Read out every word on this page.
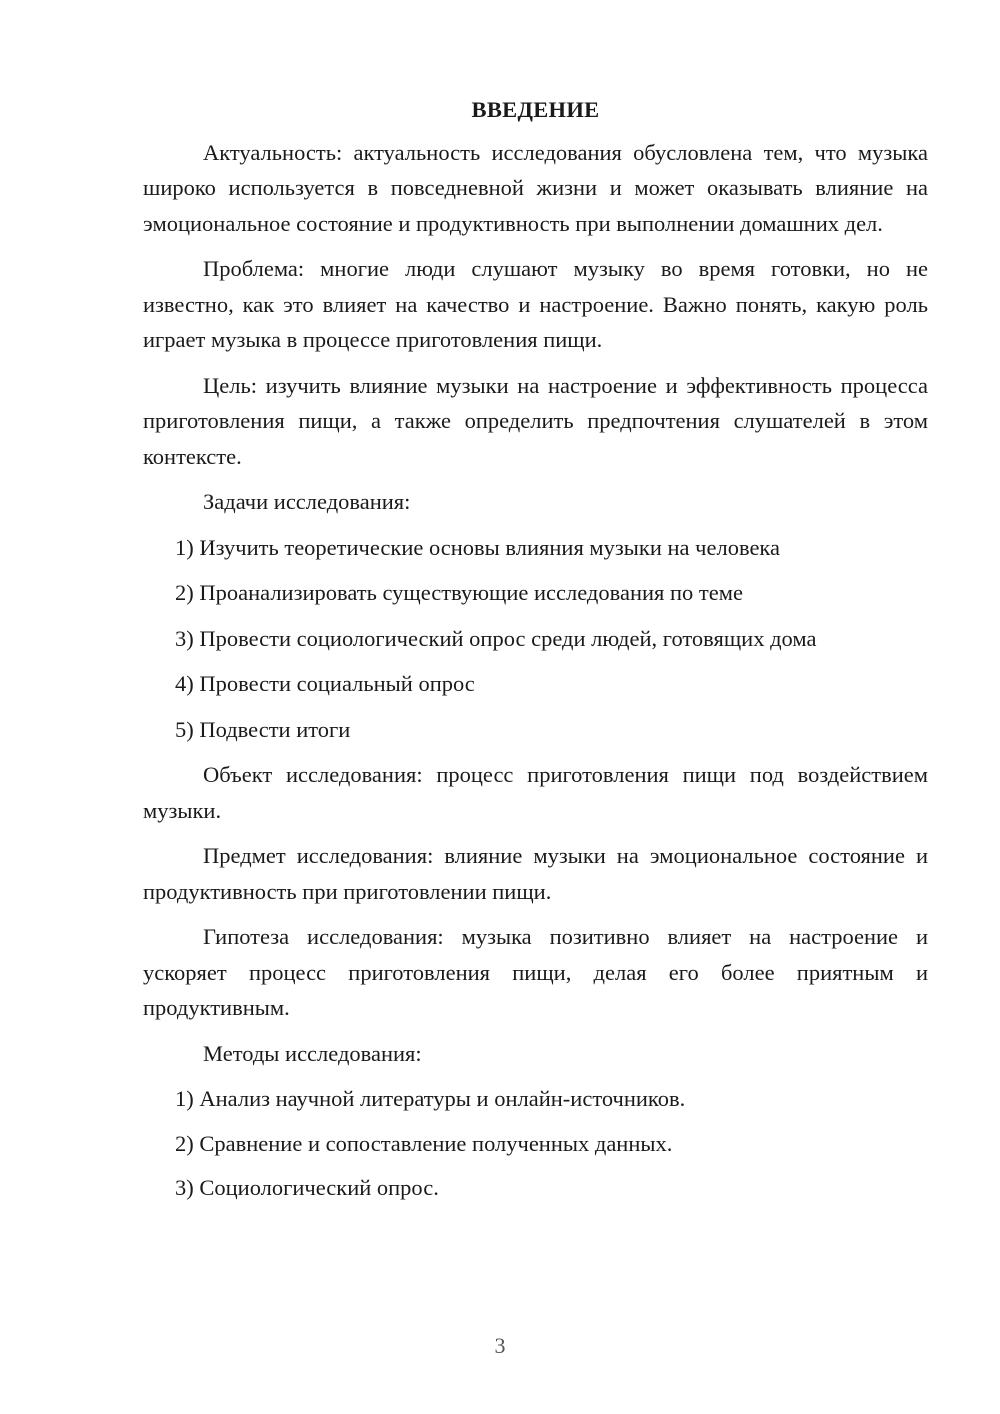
ВВЕДЕНИЕ

Актуальность: актуальность исследования обусловлена тем, что музыка широко используется в повседневной жизни и может оказывать влияние на эмоциональное состояние и продуктивность при выполнении домашних дел.

Проблема: многие люди слушают музыку во время готовки, но не известно, как это влияет на качество и настроение. Важно понять, какую роль играет музыка в процессе приготовления пищи.

Цель: изучить влияние музыки на настроение и эффективность процесса приготовления пищи, а также определить предпочтения слушателей в этом контексте.

Задачи исследования:

1) Изучить теоретические основы влияния музыки на человека
2) Проанализировать существующие исследования по теме
3) Провести социологический опрос среди людей, готовящих дома
4) Провести социальный опрос
5) Подвести итоги

Объект исследования: процесс приготовления пищи под воздействием музыки.

Предмет исследования: влияние музыки на эмоциональное состояние и продуктивность при приготовлении пищи.

Гипотеза исследования: музыка позитивно влияет на настроение и ускоряет процесс приготовления пищи, делая его более приятным и продуктивным.

Методы исследования:

1) Анализ научной литературы и онлайн-источников.
2) Сравнение и сопоставление полученных данных.
3) Социологический опрос.
3
